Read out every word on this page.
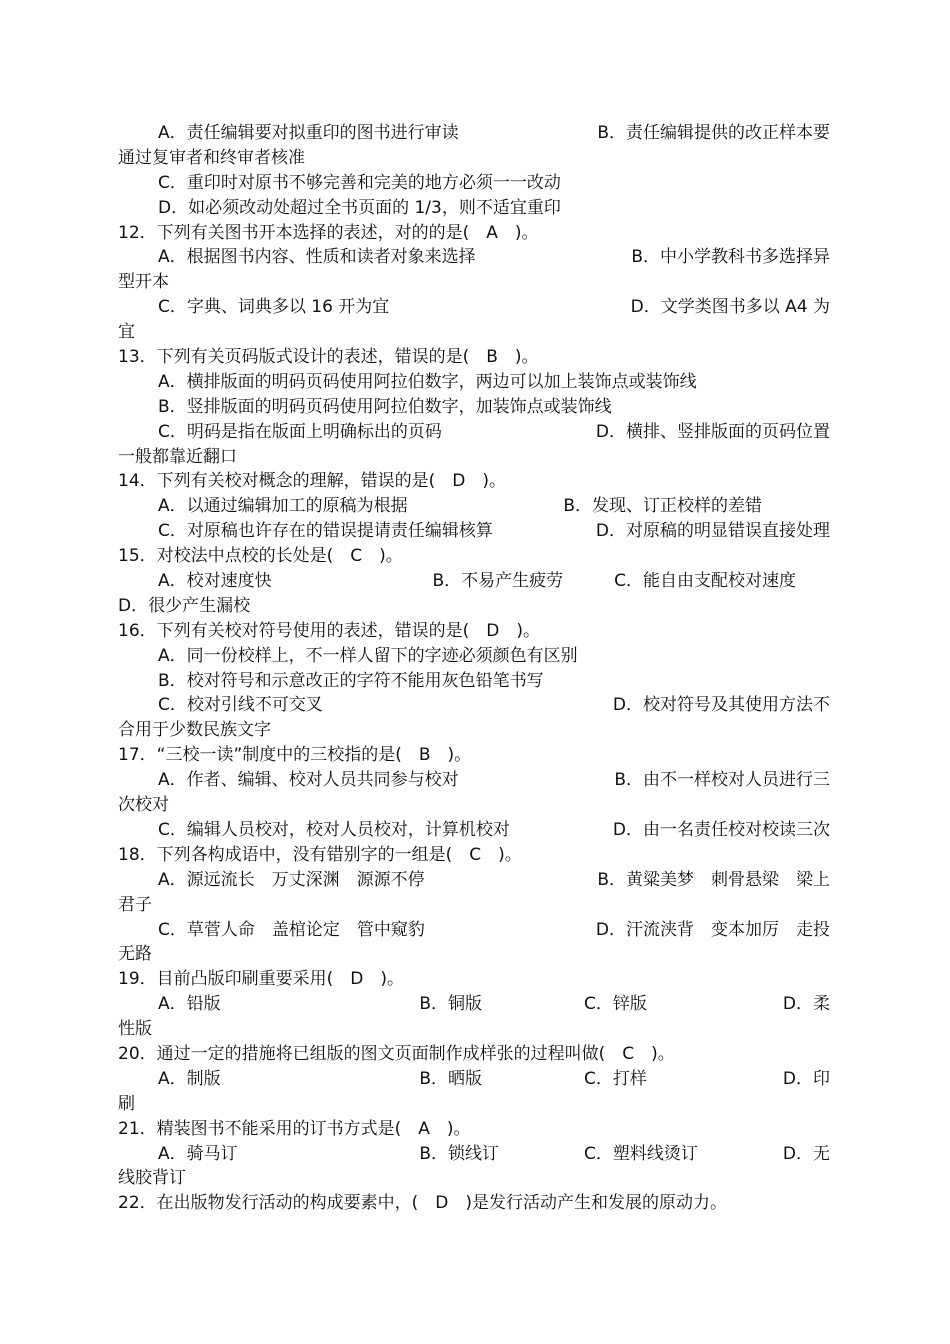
A．责任编辑要对拟重印的图书进行审读	B．责任编辑提供的改正样本要
通过复审者和终审者核准
C．重印时对原书不够完善和完美的地方必须一一改动
D．如必须改动处超过全书页面的 1/3，则不适宜重印
12．下列有关图书开本选择的表述，对的的是(　A　)。
A．根据图书内容、性质和读者对象来选择	B．中小学教科书多选择异
型开本
C．字典、词典多以 16 开为宜	D．文学类图书多以 A4 为
宜
13．下列有关页码版式设计的表述，错误的是(　B　)。
A．横排版面的明码页码使用阿拉伯数字，两边可以加上装饰点或装饰线
B．竖排版面的明码页码使用阿拉伯数字，加装饰点或装饰线
C．明码是指在版面上明确标出的页码	D．横排、竖排版面的页码位置
一般都靠近翻口
14．下列有关校对概念的理解，错误的是(　D　)。
A．以通过编辑加工的原稿为根据	B．发现、订正校样的差错　　　　
C．对原稿也许存在的错误提请责任编辑核算	D．对原稿的明显错误直接处理
15．对校法中点校的长处是(　C　)。
A．校对速度快	B．不易产生疲劳　　　C．能自由支配校对速度　　
D．很少产生漏校
16．下列有关校对符号使用的表述，错误的是(　D　)。
A．同一份校样上，不一样人留下的字迹必须颜色有区别
B．校对符号和示意改正的字符不能用灰色铅笔书写
C．校对引线不可交叉	D．校对符号及其使用方法不
合用于少数民族文字
17．“三校一读”制度中的三校指的是(　B　)。
A．作者、编辑、校对人员共同参与校对	B．由不一样校对人员进行三
次校对
C．编辑人员校对，校对人员校对，计算机校对	D．由一名责任校对校读三次
18．下列各构成语中，没有错别字的一组是(　C　)。
A．源远流长　万丈深渊　源源不停	B．黄粱美梦　刺骨悬梁　梁上
君子
C．草菅人命　盖棺论定　管中窥豹	D．汗流浃背　变本加厉　走投
无路
19．目前凸版印刷重要采用(　D　)。
A．铅版	B．铜版　　　　　　C．锌版　　　　　　　　D．柔
性版
20．通过一定的措施将已组版的图文页面制作成样张的过程叫做(　C　)。
A．制版	B．晒版　　　　　　C．打样　　　　　　　　D．印
刷
21．精装图书不能采用的订书方式是(　A　)。
A．骑马订	B．锁线订　　　　　C．塑料线烫订　　　　　D．无
线胶背订
22．在出版物发行活动的构成要素中，(　D　)是发行活动产生和发展的原动力。
